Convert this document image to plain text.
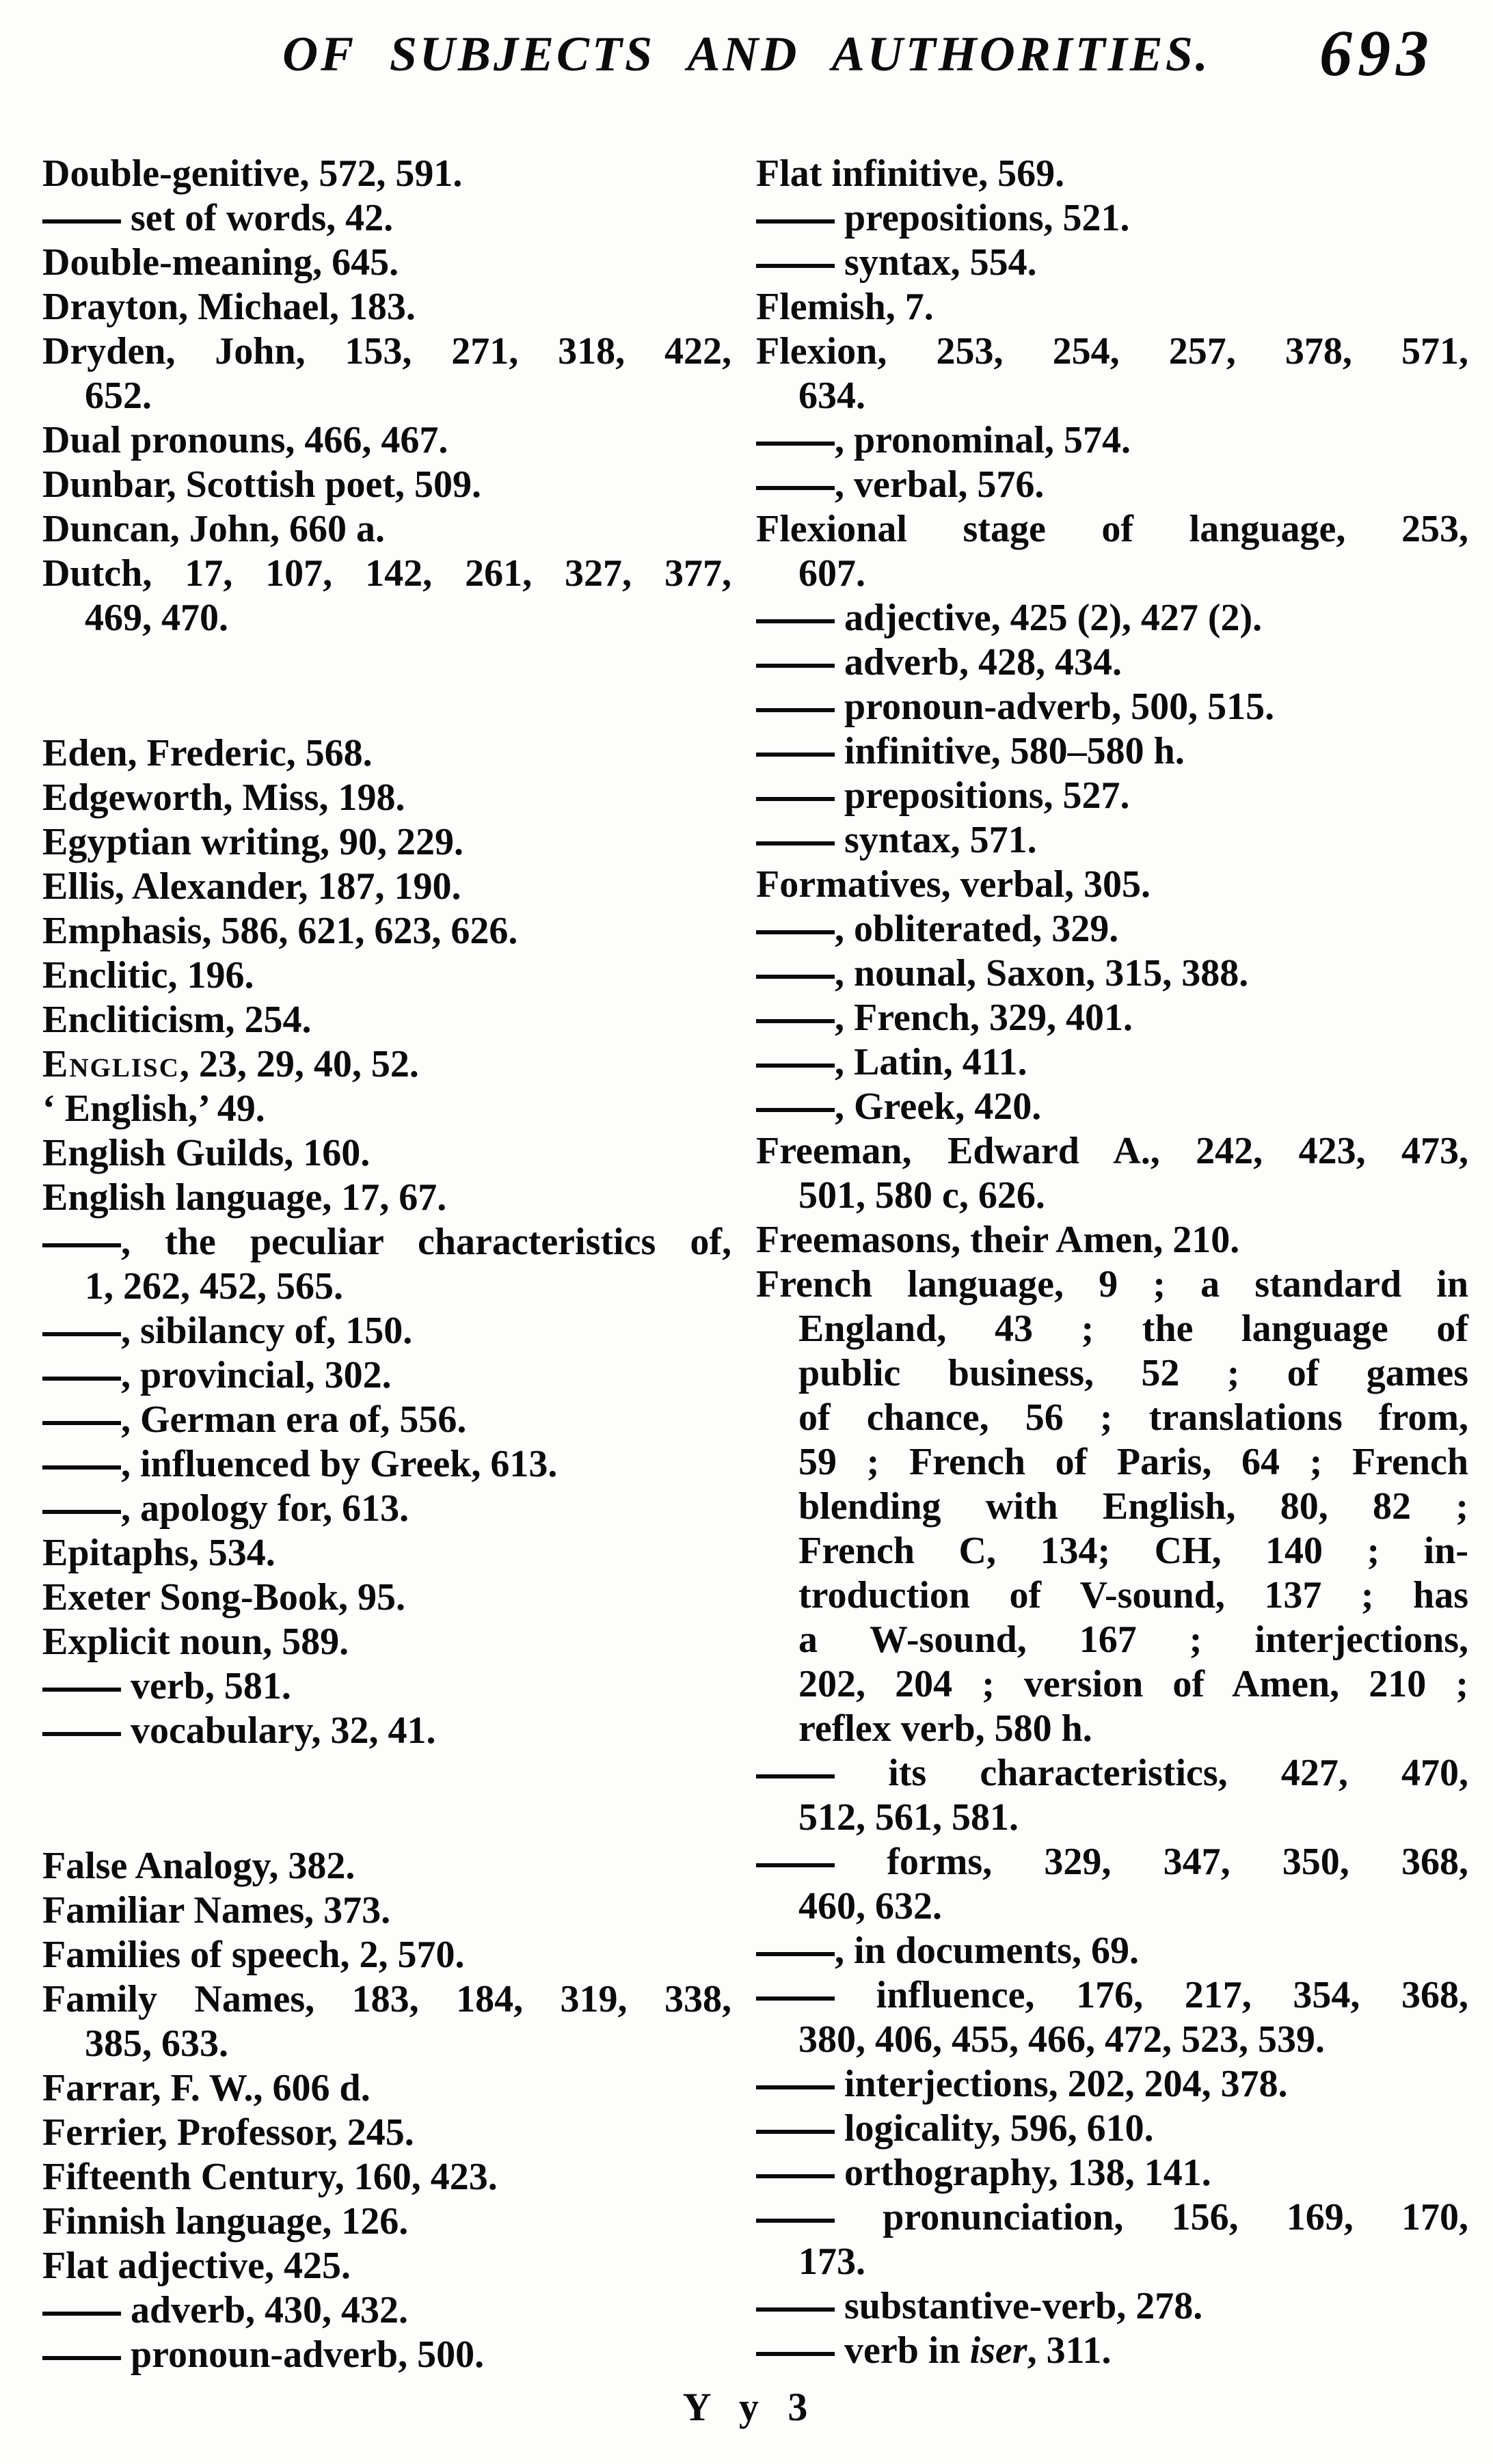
OF SUBJECTS AND AUTHORITIES.	693

Double-genitive, 572, 591.

set of words, 42.

Double-meaning, 645.

Drayton, Michael, 183.

Dryden, John, 153, 271, 318, 422,

652.

Dual pronouns, 466, 467.

Dunbar, Scottish poet, 509.

Duncan, John, 660 a.

Dutch, 17, 107, 142, 261, 327, 377,

469, 470.

Eden, Frederic, 568.

Edgeworth, Miss, 198.

Egyptian writing, 90, 229.

Ellis, Alexander, 187, 190.

Emphasis, 586, 621, 623, 626.

Enclitic, 196.

Encliticism, 254.

Englisc, 23, 29, 40, 52.

‘ English,’ 49.

English Guilds, 160.

English language, 17, 67.

, the peculiar characteristics of,

1, 262, 452, 565.

, sibilancy of, 150.

, provincial, 302.

, German era of, 556.

, influenced by Greek, 613.

, apology for, 613.

Epitaphs, 534.

Exeter Song-Book, 95.

Explicit noun, 589.

verb, 581.

vocabulary, 32, 41.

False Analogy, 382.

Familiar Names, 373.

Families of speech, 2, 570.

Family Names, 183, 184, 319, 338,

385, 633.

Farrar, F. W., 606 d.

Ferrier, Professor, 245.

Fifteenth Century, 160, 423.

Finnish language, 126.

Flat adjective, 425.

adverb, 430, 432.

pronoun-adverb, 500.

Flat infinitive, 569.

prepositions, 521.

syntax, 554.

Flemish, 7.

Flexion, 253, 254, 257, 378, 571,

634.

, pronominal, 574.

, verbal, 576.

Flexional stage of language, 253,

607.

adjective, 425 (2), 427 (2).

adverb, 428, 434.

pronoun-adverb, 500, 515.

infinitive, 580–580 h.

prepositions, 527.

syntax, 571.

Formatives, verbal, 305.

, obliterated, 329.

, nounal, Saxon, 315, 388.

, French, 329, 401.

, Latin, 411.

, Greek, 420.

Freeman, Edward A., 242, 423, 473,

501, 580 c, 626.

Freemasons, their Amen, 210.

French language, 9 ; a standard in

England, 43 ; the language of

public business, 52 ; of games

of chance, 56 ; translations from,

59 ; French of Paris, 64 ; French

blending with English, 80, 82 ;

French C, 134; CH, 140 ; in-

troduction of V-sound, 137 ; has

a W-sound, 167 ; interjections,

202, 204 ; version of Amen, 210 ;

reflex verb, 580 h.

its characteristics, 427, 470,

512, 561, 581.

forms, 329, 347, 350, 368,

460, 632.

, in documents, 69.

influence, 176, 217, 354, 368,

380, 406, 455, 466, 472, 523, 539.

interjections, 202, 204, 378.

logicality, 596, 610.

orthography, 138, 141.

pronunciation, 156, 169, 170,

173.

substantive-verb, 278.

verb in iser, 311.

Y y 3
